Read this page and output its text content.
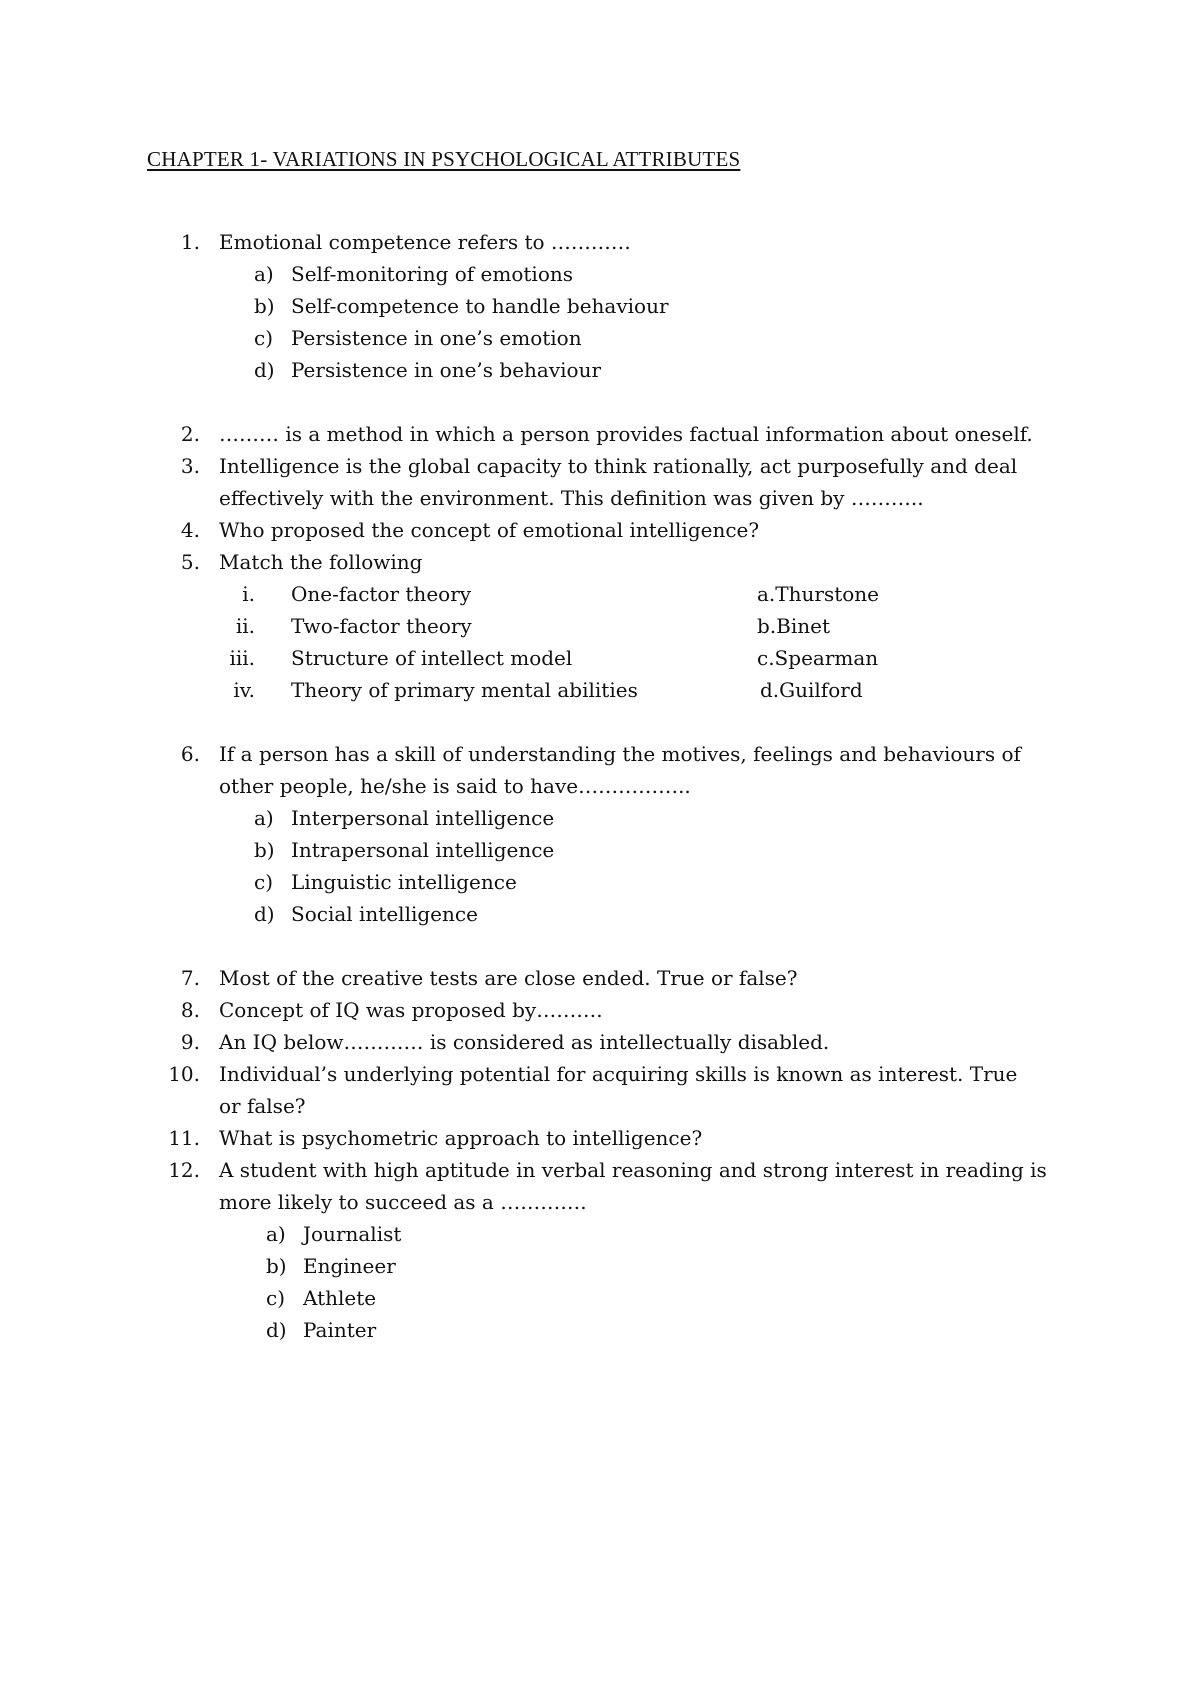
CHAPTER 1- VARIATIONS IN PSYCHOLOGICAL ATTRIBUTES
1. Emotional competence refers to …………
a) Self-monitoring of emotions
b) Self-competence to handle behaviour
c) Persistence in one’s emotion
d) Persistence in one’s behaviour
2. ……… is a method in which a person provides factual information about oneself.
3. Intelligence is the global capacity to think rationally, act purposefully and deal
effectively with the environment. This definition was given by ………..
4. Who proposed the concept of emotional intelligence?
5. Match the following
i. One-factor theory	a.Thurstone
ii. Two-factor theory	b.Binet
iii. Structure of intellect model	c.Spearman
iv. Theory of primary mental abilities	d.Guilford
6. If a person has a skill of understanding the motives, feelings and behaviours of
other people, he/she is said to have……………..
a) Interpersonal intelligence
b) Intrapersonal intelligence
c) Linguistic intelligence
d) Social intelligence
7. Most of the creative tests are close ended. True or false?
8. Concept of IQ was proposed by……….
9. An IQ below………… is considered as intellectually disabled.
10. Individual’s underlying potential for acquiring skills is known as interest. True
or false?
11. What is psychometric approach to intelligence?
12. A student with high aptitude in verbal reasoning and strong interest in reading is
more likely to succeed as a ………….
a) Journalist
b) Engineer
c) Athlete
d) Painter
